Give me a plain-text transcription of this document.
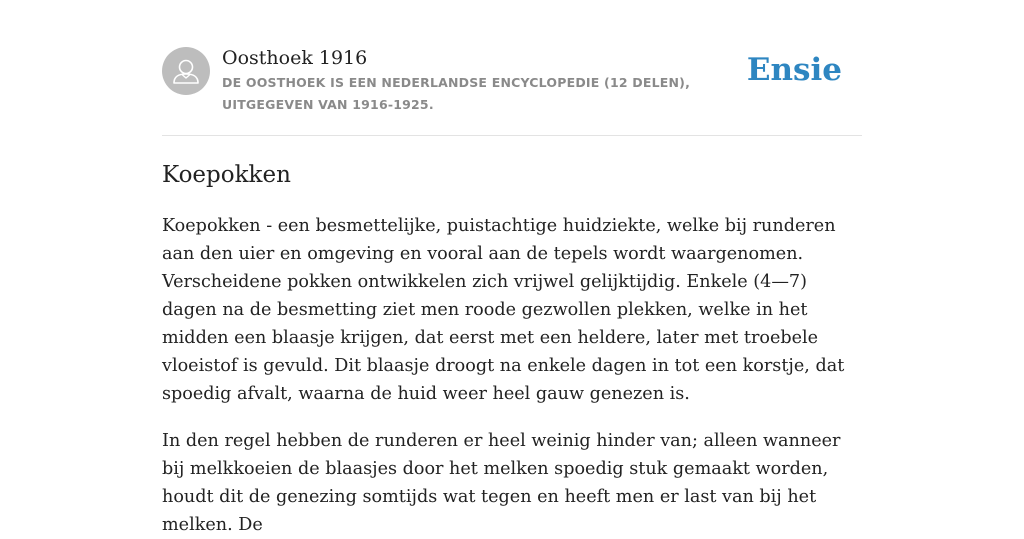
Oosthoek 1916
DE OOSTHOEK IS EEN NEDERLANDSE ENCYCLOPEDIE (12 DELEN), UITGEGEVEN VAN 1916-1925.
Ensie
Koepokken

Koepokken - een besmettelijke, puistachtige huidziekte, welke bij runderen aan den uier en omgeving en vooral aan de tepels wordt waargenomen. Verscheidene pokken ontwikkelen zich vrijwel gelijktijdig. Enkele (4—7) dagen na de besmetting ziet men roode gezwollen plekken, welke in het midden een blaasje krijgen, dat eerst met een heldere, later met troebele vloeistof is gevuld. Dit blaasje droogt na enkele dagen in tot een korstje, dat spoedig afvalt, waarna de huid weer heel gauw genezen is.

In den regel hebben de runderen er heel weinig hinder van; alleen wanneer bij melkkoeien de blaasjes door het melken spoedig stuk gemaakt worden, houdt dit de genezing somtijds wat tegen en heeft men er last van bij het melken. De
